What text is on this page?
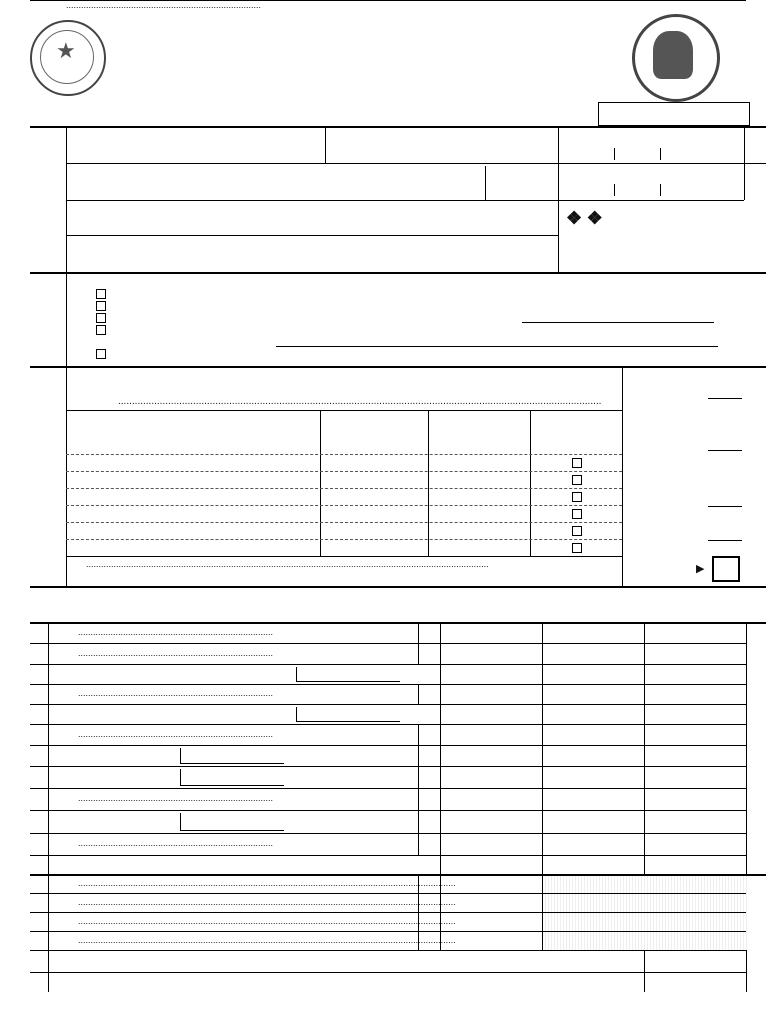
★
❖ ❖
..............................................................................................................................................................................
.................................................................................................................................................................	▶
..............................................................................
..............................................................................
..............................................................................
..............................................................................
..............................................................................
..............................................................................
..............................................................................
.......................................................................................................................................................
.......................................................................................................................................................
.......................................................................................................................................................
.......................................................................................................................................................
